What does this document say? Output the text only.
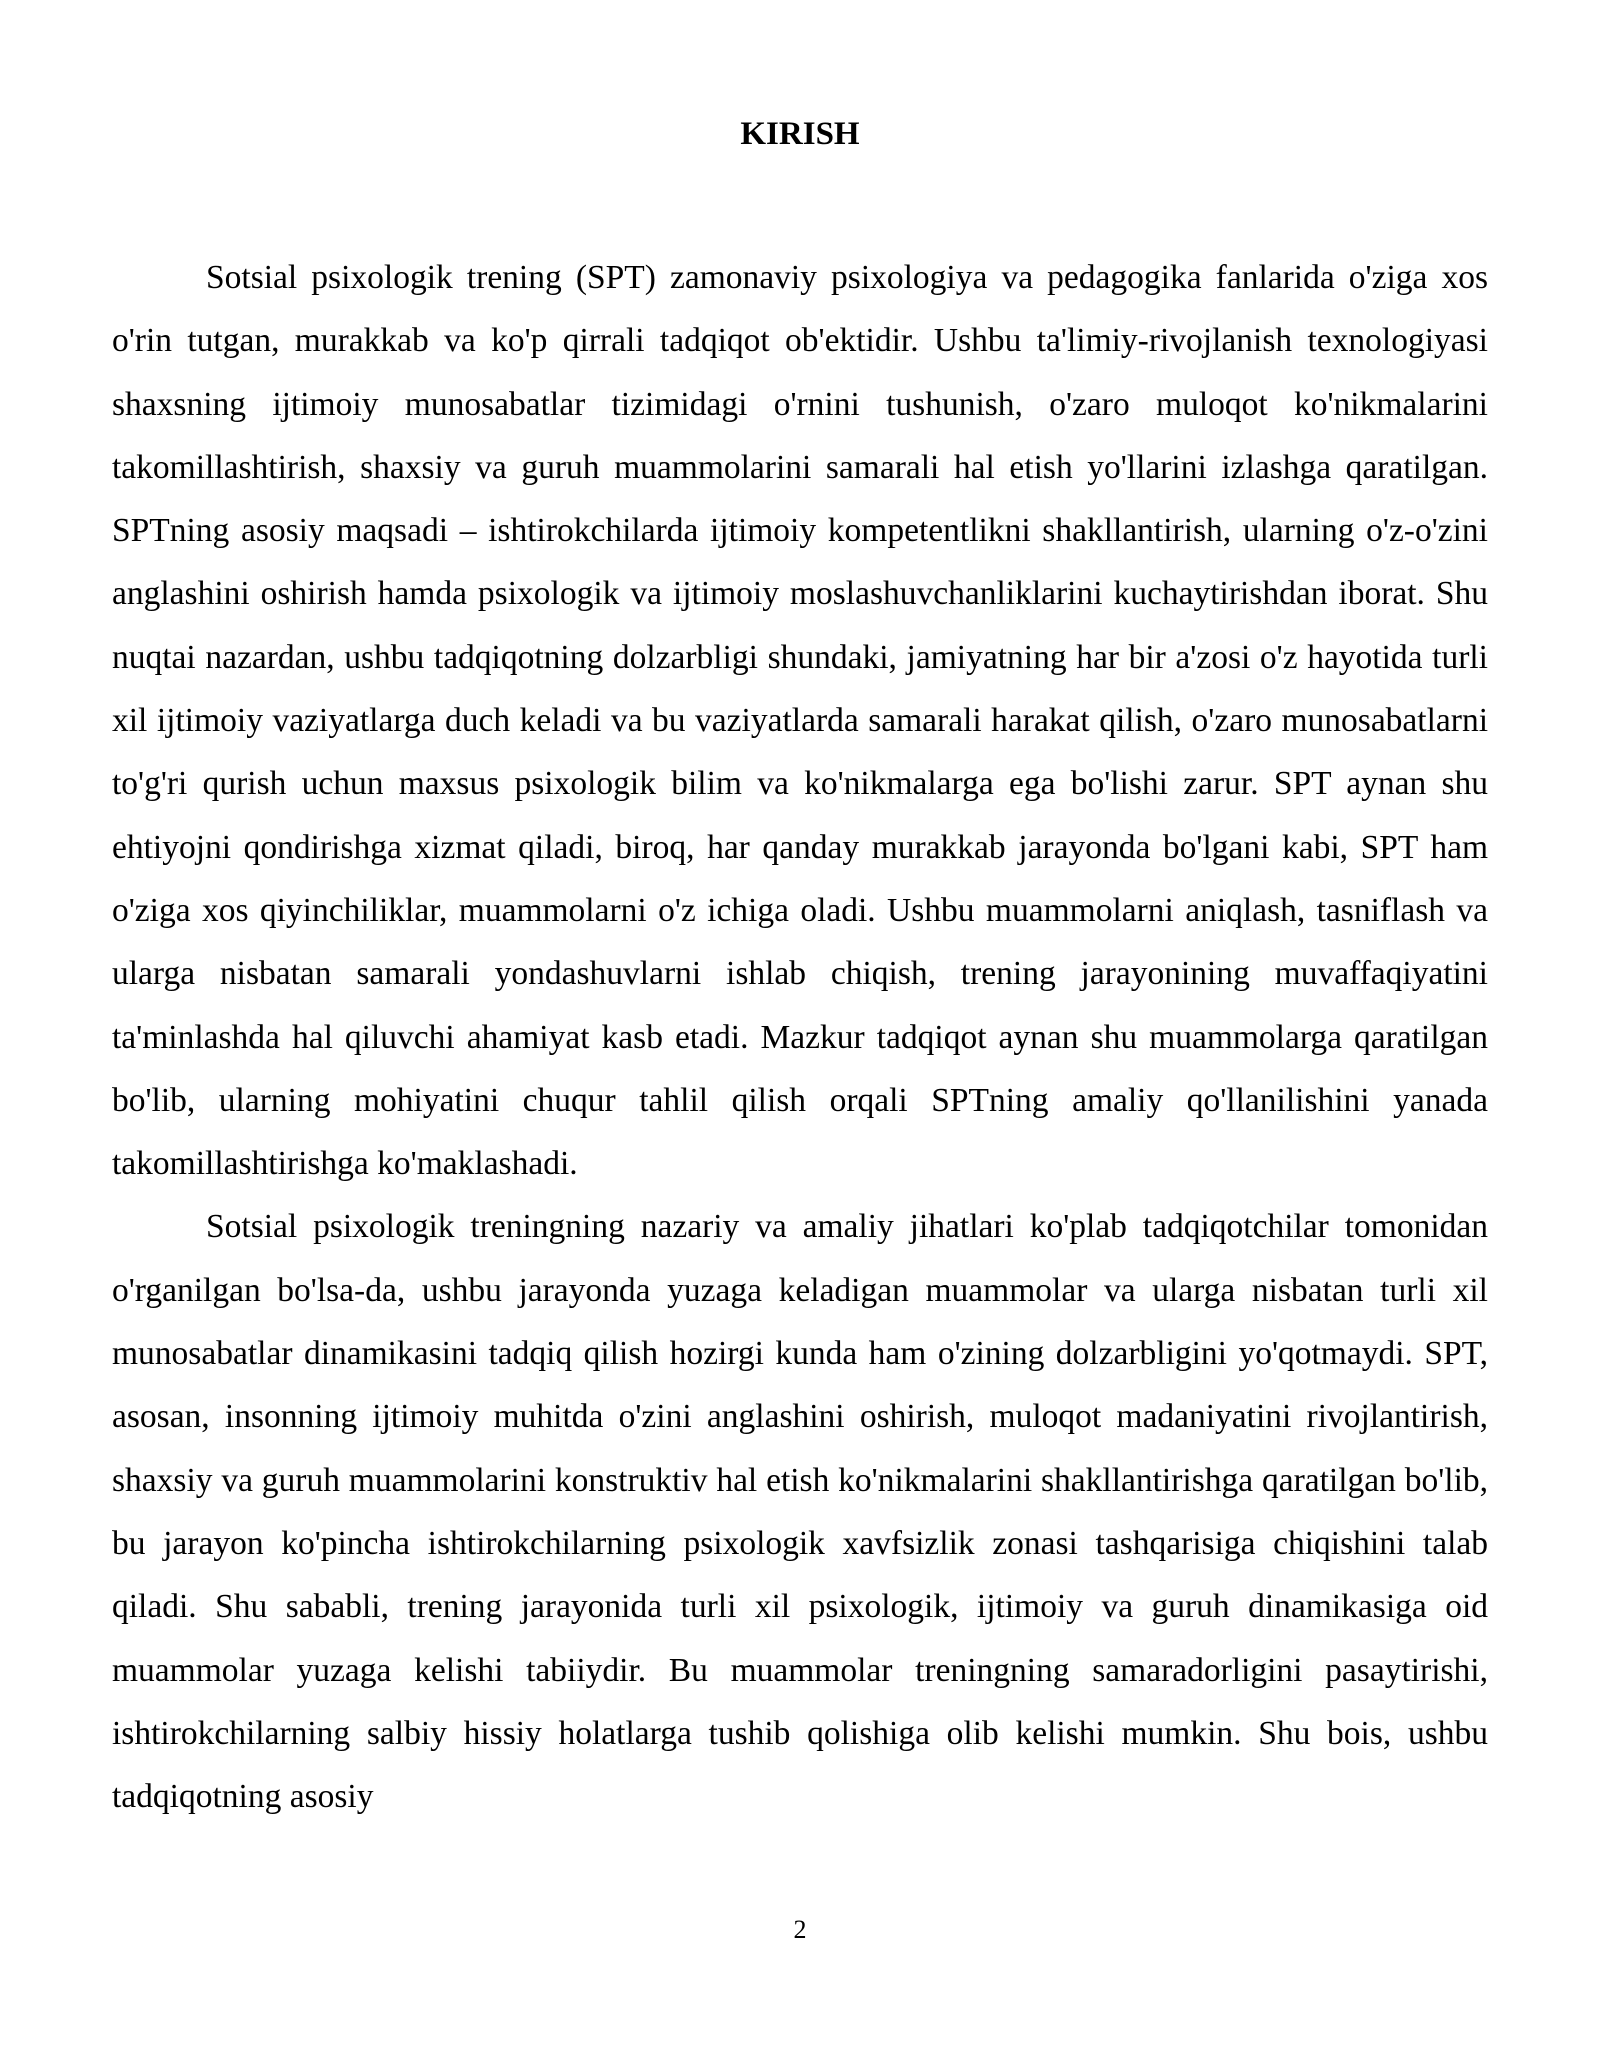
KIRISH

Sotsial psixologik trening (SPT) zamonaviy psixologiya va pedagogika fanlarida o'ziga xos o'rin tutgan, murakkab va ko'p qirrali tadqiqot ob'ektidir. Ushbu ta'limiy-rivojlanish texnologiyasi shaxsning ijtimoiy munosabatlar tizimidagi o'rnini tushunish, o'zaro muloqot ko'nikmalarini takomillashtirish, shaxsiy va guruh muammolarini samarali hal etish yo'llarini izlashga qaratilgan. SPTning asosiy maqsadi – ishtirokchilarda ijtimoiy kompetentlikni shakllantirish, ularning o'z-o'zini anglashini oshirish hamda psixologik va ijtimoiy moslashuvchanliklarini kuchaytirishdan iborat. Shu nuqtai nazardan, ushbu tadqiqotning dolzarbligi shundaki, jamiyatning har bir a'zosi o'z hayotida turli xil ijtimoiy vaziyatlarga duch keladi va bu vaziyatlarda samarali harakat qilish, o'zaro munosabatlarni to'g'ri qurish uchun maxsus psixologik bilim va ko'nikmalarga ega bo'lishi zarur. SPT aynan shu ehtiyojni qondirishga xizmat qiladi, biroq, har qanday murakkab jarayonda bo'lgani kabi, SPT ham o'ziga xos qiyinchiliklar, muammolarni o'z ichiga oladi. Ushbu muammolarni aniqlash, tasniflash va ularga nisbatan samarali yondashuvlarni ishlab chiqish, trening jarayonining muvaffaqiyatini ta'minlashda hal qiluvchi ahamiyat kasb etadi. Mazkur tadqiqot aynan shu muammolarga qaratilgan bo'lib, ularning mohiyatini chuqur tahlil qilish orqali SPTning amaliy qo'llanilishini yanada takomillashtirishga ko'maklashadi.

Sotsial psixologik treningning nazariy va amaliy jihatlari ko'plab tadqiqotchilar tomonidan o'rganilgan bo'lsa-da, ushbu jarayonda yuzaga keladigan muammolar va ularga nisbatan turli xil munosabatlar dinamikasini tadqiq qilish hozirgi kunda ham o'zining dolzarbligini yo'qotmaydi. SPT, asosan, insonning ijtimoiy muhitda o'zini anglashini oshirish, muloqot madaniyatini rivojlantirish, shaxsiy va guruh muammolarini konstruktiv hal etish ko'nikmalarini shakllantirishga qaratilgan bo'lib, bu jarayon ko'pincha ishtirokchilarning psixologik xavfsizlik zonasi tashqarisiga chiqishini talab qiladi. Shu sababli, trening jarayonida turli xil psixologik, ijtimoiy va guruh dinamikasiga oid muammolar yuzaga kelishi tabiiydir. Bu muammolar treningning samaradorligini pasaytirishi, ishtirokchilarning salbiy hissiy holatlarga tushib qolishiga olib kelishi mumkin. Shu bois, ushbu tadqiqotning asosiy

2
